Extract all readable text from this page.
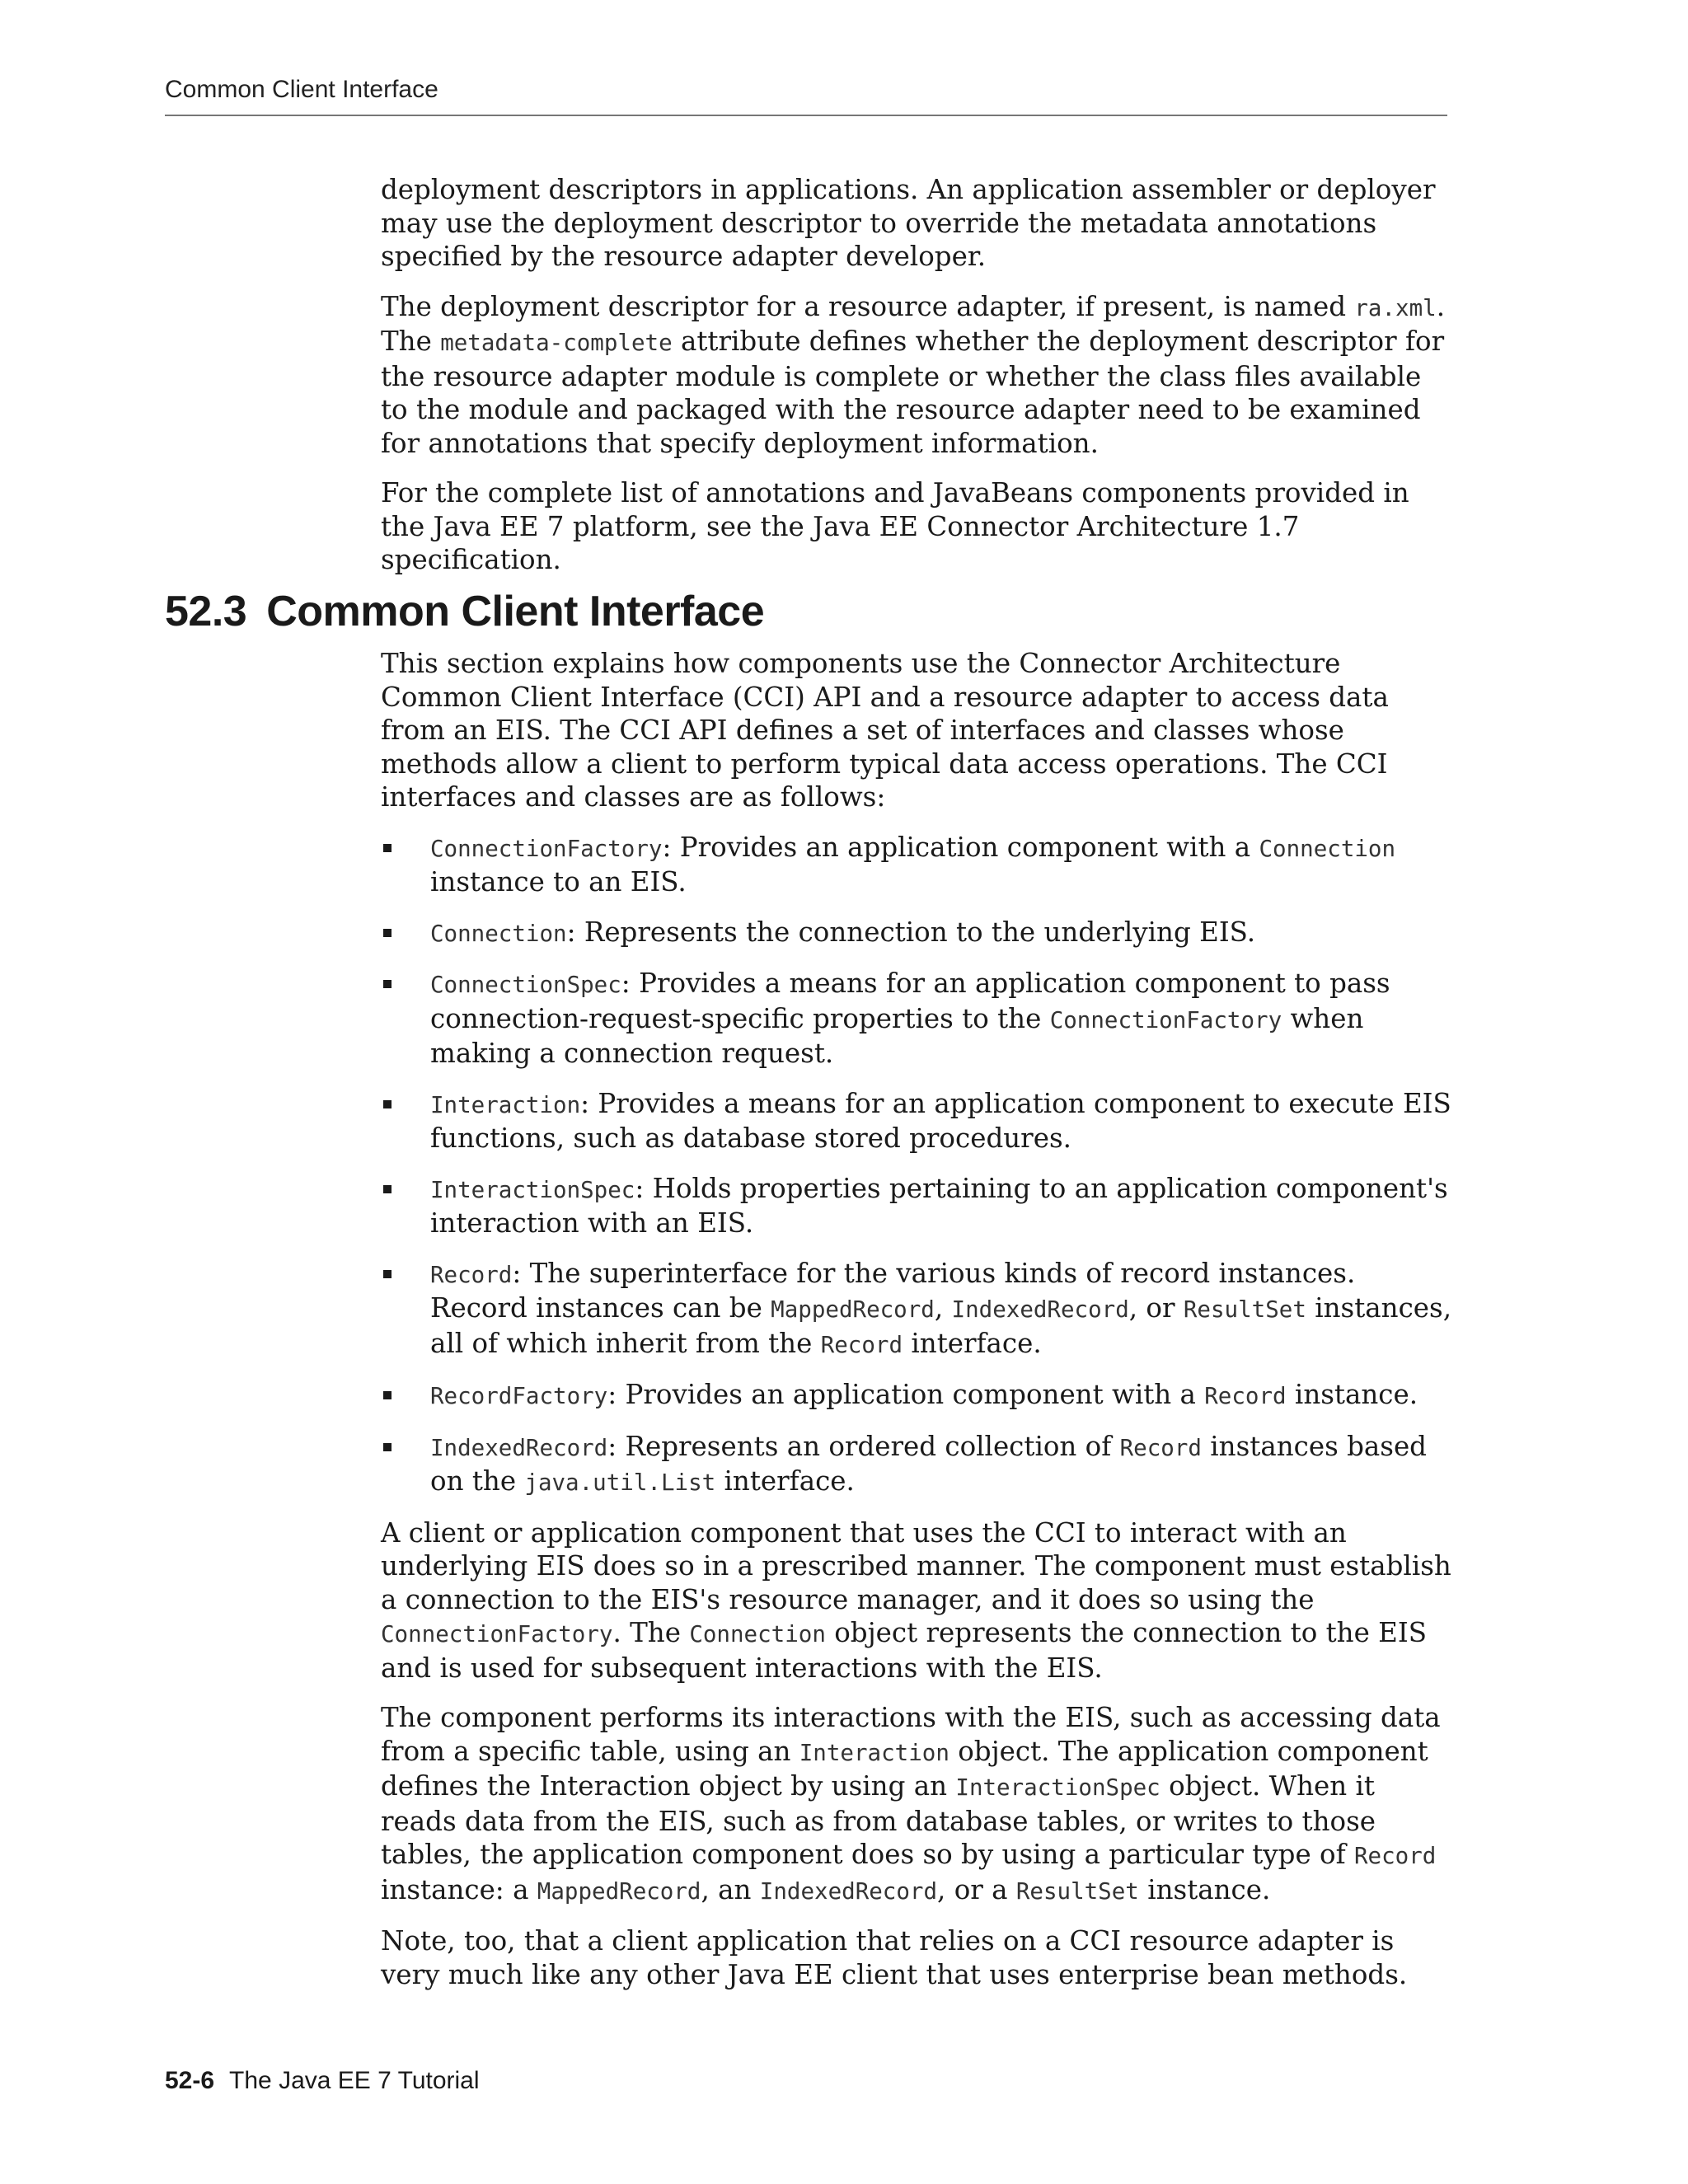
Common Client Interface

deployment descriptors in applications. An application assembler or deployer may use the deployment descriptor to override the metadata annotations specified by the resource adapter developer.

The deployment descriptor for a resource adapter, if present, is named ra.xml. The metadata-complete attribute defines whether the deployment descriptor for the resource adapter module is complete or whether the class files available to the module and packaged with the resource adapter need to be examined for annotations that specify deployment information.

For the complete list of annotations and JavaBeans components provided in the Java EE 7 platform, see the Java EE Connector Architecture 1.7 specification.

52.3 Common Client Interface

This section explains how components use the Connector Architecture Common Client Interface (CCI) API and a resource adapter to access data from an EIS. The CCI API defines a set of interfaces and classes whose methods allow a client to perform typical data access operations. The CCI interfaces and classes are as follows:

ConnectionFactory: Provides an application component with a Connection instance to an EIS.
Connection: Represents the connection to the underlying EIS.
ConnectionSpec: Provides a means for an application component to pass connection-request-specific properties to the ConnectionFactory when making a connection request.
Interaction: Provides a means for an application component to execute EIS functions, such as database stored procedures.
InteractionSpec: Holds properties pertaining to an application component's interaction with an EIS.
Record: The superinterface for the various kinds of record instances. Record instances can be MappedRecord, IndexedRecord, or ResultSet instances, all of which inherit from the Record interface.
RecordFactory: Provides an application component with a Record instance.
IndexedRecord: Represents an ordered collection of Record instances based on the java.util.List interface.

A client or application component that uses the CCI to interact with an underlying EIS does so in a prescribed manner. The component must establish a connection to the EIS's resource manager, and it does so using the ConnectionFactory. The Connection object represents the connection to the EIS and is used for subsequent interactions with the EIS.

The component performs its interactions with the EIS, such as accessing data from a specific table, using an Interaction object. The application component defines the Interaction object by using an InteractionSpec object. When it reads data from the EIS, such as from database tables, or writes to those tables, the application component does so by using a particular type of Record instance: a MappedRecord, an IndexedRecord, or a ResultSet instance.

Note, too, that a client application that relies on a CCI resource adapter is very much like any other Java EE client that uses enterprise bean methods.

52-6 The Java EE 7 Tutorial
